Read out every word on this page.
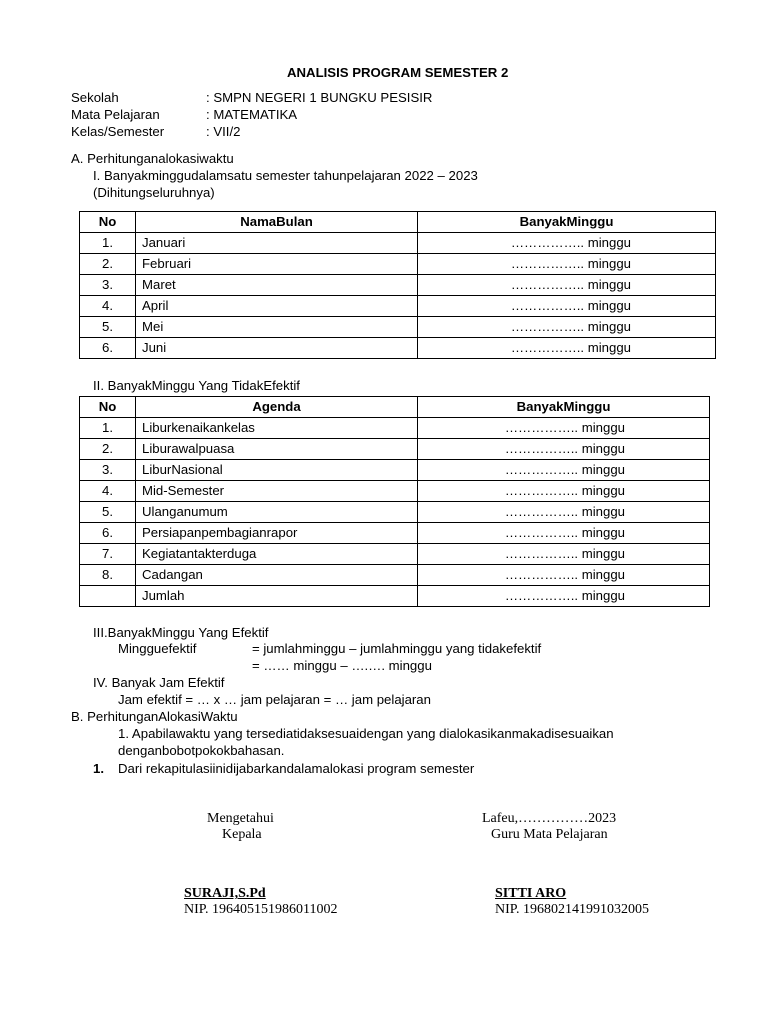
ANALISIS PROGRAM SEMESTER 2
Sekolah	: SMPN NEGERI 1 BUNGKU PESISIR
Mata Pelajaran	: MATEMATIKA
Kelas/Semester	: VII/2
A. Perhitunganalokasiwaktu
I. Banyakminggudalamsatu semester tahunpelajaran 2022 – 2023
(Dihitungseluruhnya)
No	NamaBulan	BanyakMinggu
1.	Januari	…………….. minggu
2.	Februari	…………….. minggu
3.	Maret	…………….. minggu
4.	April	…………….. minggu
5.	Mei	…………….. minggu
6.	Juni	…………….. minggu
II. BanyakMinggu Yang TidakEfektif
No	Agenda	BanyakMinggu
1.	Liburkenaikankelas	…………….. minggu
2.	Liburawalpuasa	…………….. minggu
3.	LiburNasional	…………….. minggu
4.	Mid-Semester	…………….. minggu
5.	Ulanganumum	…………….. minggu
6.	Persiapanpembagianrapor	…………….. minggu
7.	Kegiatantakterduga	…………….. minggu
8.	Cadangan	…………….. minggu
	Jumlah	…………….. minggu
III.BanyakMinggu Yang Efektif
Mingguefektif	= jumlahminggu – jumlahminggu yang tidakefektif
= …… minggu – ….…. minggu
IV. Banyak Jam Efektif
Jam efektif = … x … jam pelajaran = … jam pelajaran
B. PerhitunganAlokasiWaktu
1. Apabilawaktu yang tersediatidaksesuaidengan yang dialokasikanmakadisesuaikan
denganbobotpokokbahasan.
1. Dari rekapitulasiinidijabarkandalamalokasi program semester
Mengetahui
Kepala
SURAJI,S.Pd
NIP. 196405151986011002
Lafeu,……………2023
Guru Mata Pelajaran
SITTI ARO
NIP. 196802141991032005
